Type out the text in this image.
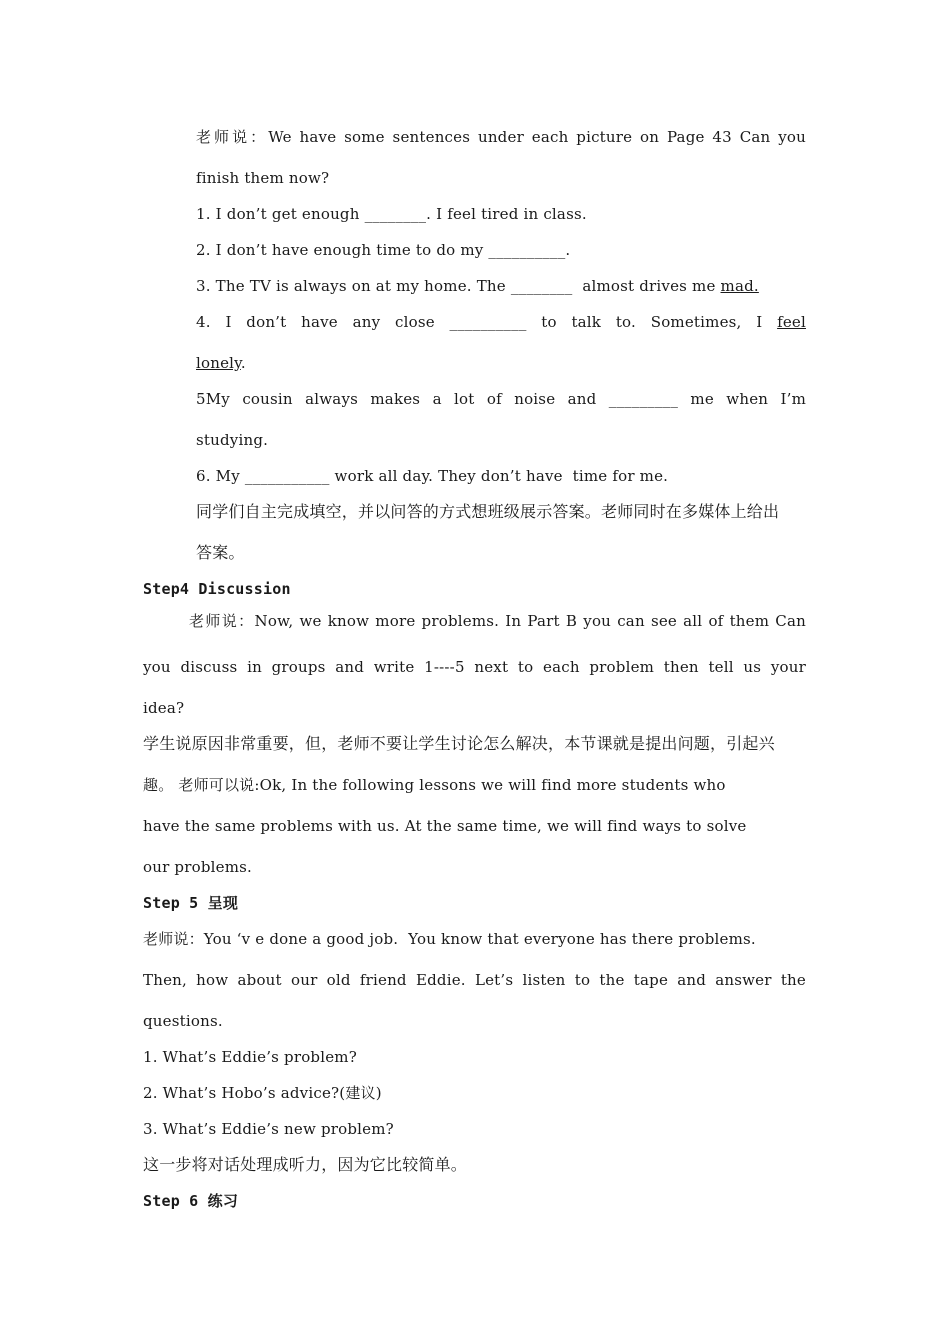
老师说：We have some sentences under each picture on Page 43 Can you
finish them now?
1. I don’t get enough ________. I feel tired in class.
2. I don’t have enough time to do my __________.
3. The TV is always on at my home. The ________  almost drives me mad.
4. I don’t have any close __________ to talk to. Sometimes, I feel
lonely.
5My cousin always makes a lot of noise and _________ me when I’m
studying.
6. My ___________ work all day. They don’t have  time for me.
同学们自主完成填空，并以问答的方式想班级展示答案。老师同时在多媒体上给出
答案。
Step4 Discussion
老师说：Now, we know more problems. In Part B you can see all of them Can
you discuss in groups and write 1----5 next to each problem then tell us your
idea?
学生说原因非常重要，但，老师不要让学生讨论怎么解决，本节课就是提出问题，引起兴
趣。 老师可以说:Ok, In the following lessons we will find more students who
have the same problems with us. At the same time, we will find ways to solve
our problems.
Step 5 呈现
老师说：You ‘v e done a good job.  You know that everyone has there problems.
Then, how about our old friend Eddie. Let’s listen to the tape and answer the
questions.
1. What’s Eddie’s problem?
2. What’s Hobo’s advice?(建议)
3. What’s Eddie’s new problem?
这一步将对话处理成听力，因为它比较简单。
Step 6 练习
